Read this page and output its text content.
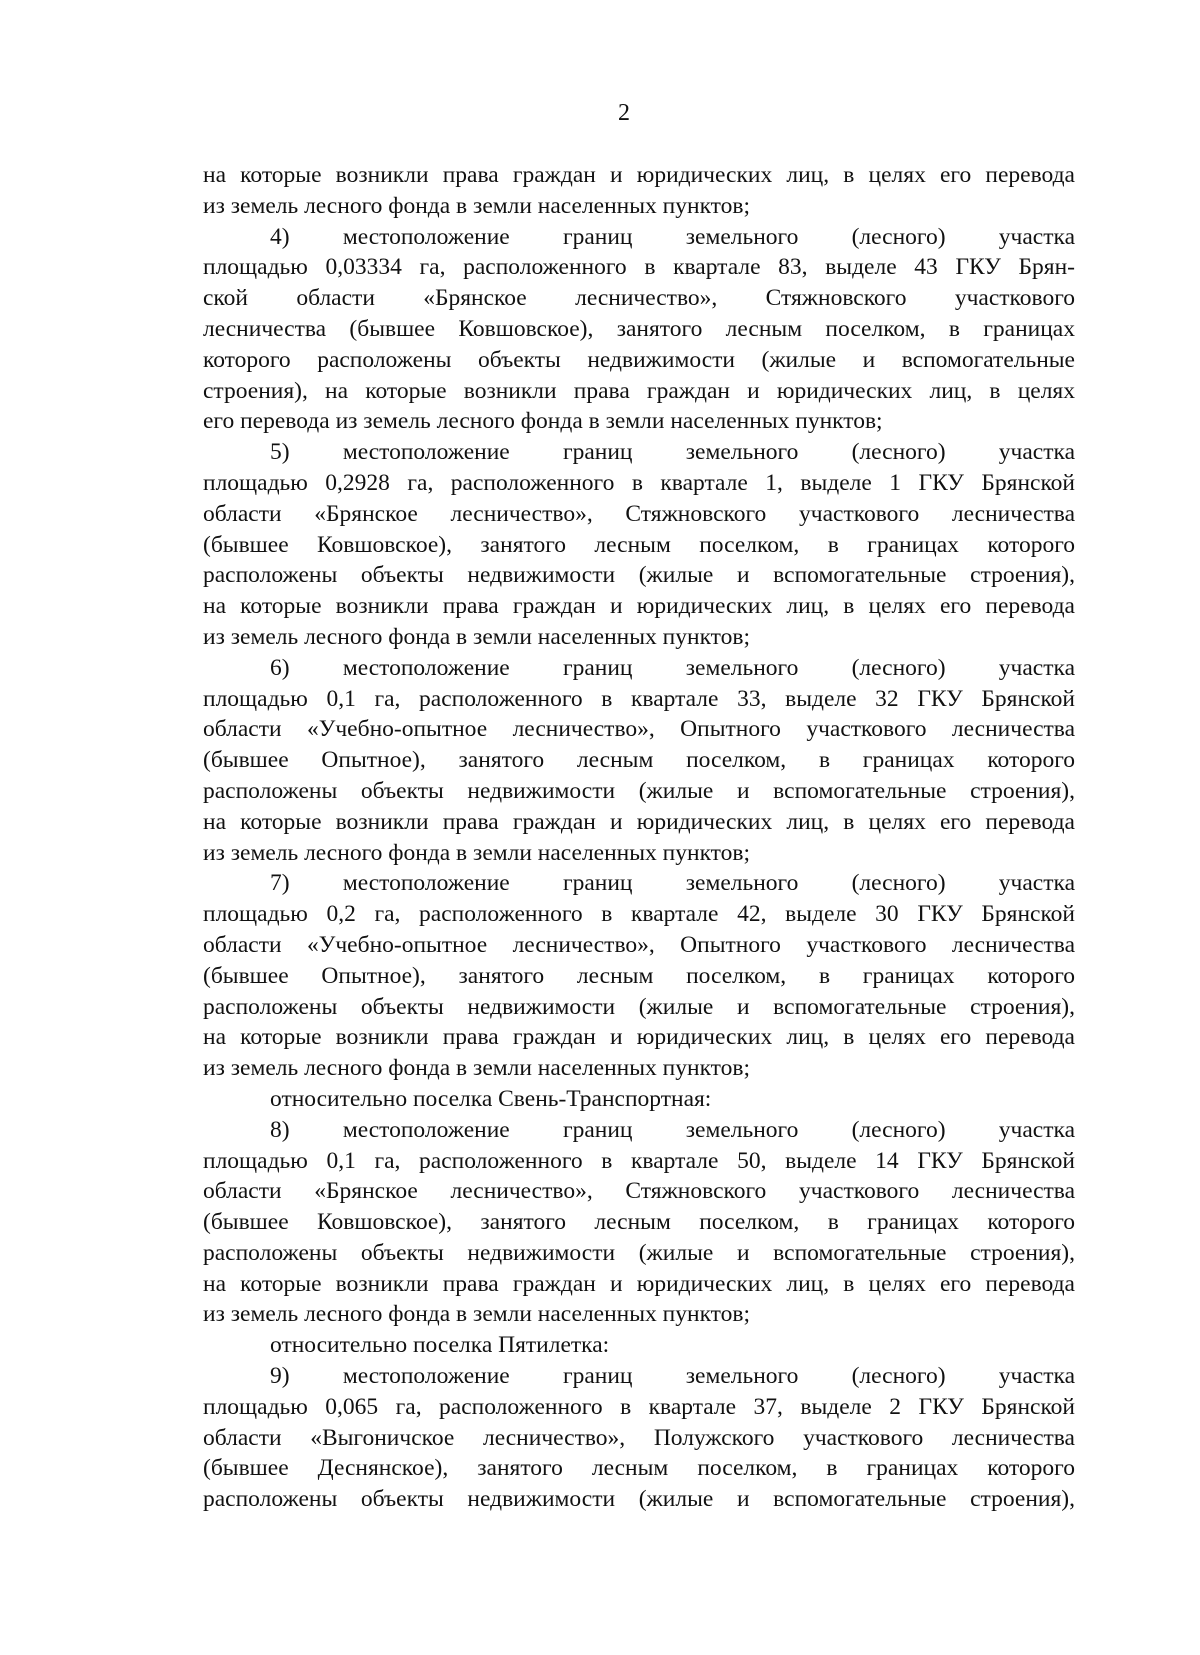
2

на которые возникли права граждан и юридических лиц, в целях его перевода
из земель лесного фонда в земли населенных пунктов;

4) местоположение границ земельного (лесного) участка
площадью 0,03334 га, расположенного в квартале 83, выделе 43 ГКУ Брян-
ской области «Брянское лесничество», Стяжновского участкового
лесничества (бывшее Ковшовское), занятого лесным поселком, в границах
которого расположены объекты недвижимости (жилые и вспомогательные
строения), на которые возникли права граждан и юридических лиц, в целях
его перевода из земель лесного фонда в земли населенных пунктов;

5) местоположение границ земельного (лесного) участка
площадью 0,2928 га, расположенного в квартале 1, выделе 1 ГКУ Брянской
области «Брянское лесничество», Стяжновского участкового лесничества
(бывшее Ковшовское), занятого лесным поселком, в границах которого
расположены объекты недвижимости (жилые и вспомогательные строения),
на которые возникли права граждан и юридических лиц, в целях его перевода
из земель лесного фонда в земли населенных пунктов;

6) местоположение границ земельного (лесного) участка
площадью 0,1 га, расположенного в квартале 33, выделе 32 ГКУ Брянской
области «Учебно-опытное лесничество», Опытного участкового лесничества
(бывшее Опытное), занятого лесным поселком, в границах которого
расположены объекты недвижимости (жилые и вспомогательные строения),
на которые возникли права граждан и юридических лиц, в целях его перевода
из земель лесного фонда в земли населенных пунктов;

7) местоположение границ земельного (лесного) участка
площадью 0,2 га, расположенного в квартале 42, выделе 30 ГКУ Брянской
области «Учебно-опытное лесничество», Опытного участкового лесничества
(бывшее Опытное), занятого лесным поселком, в границах которого
расположены объекты недвижимости (жилые и вспомогательные строения),
на которые возникли права граждан и юридических лиц, в целях его перевода
из земель лесного фонда в земли населенных пунктов;

относительно поселка Свень-Транспортная:

8) местоположение границ земельного (лесного) участка
площадью 0,1 га, расположенного в квартале 50, выделе 14 ГКУ Брянской
области «Брянское лесничество», Стяжновского участкового лесничества
(бывшее Ковшовское), занятого лесным поселком, в границах которого
расположены объекты недвижимости (жилые и вспомогательные строения),
на которые возникли права граждан и юридических лиц, в целях его перевода
из земель лесного фонда в земли населенных пунктов;

относительно поселка Пятилетка:

9) местоположение границ земельного (лесного) участка
площадью 0,065 га, расположенного в квартале 37, выделе 2 ГКУ Брянской
области «Выгоничское лесничество», Полужского участкового лесничества
(бывшее Деснянское), занятого лесным поселком, в границах которого
расположены объекты недвижимости (жилые и вспомогательные строения),
